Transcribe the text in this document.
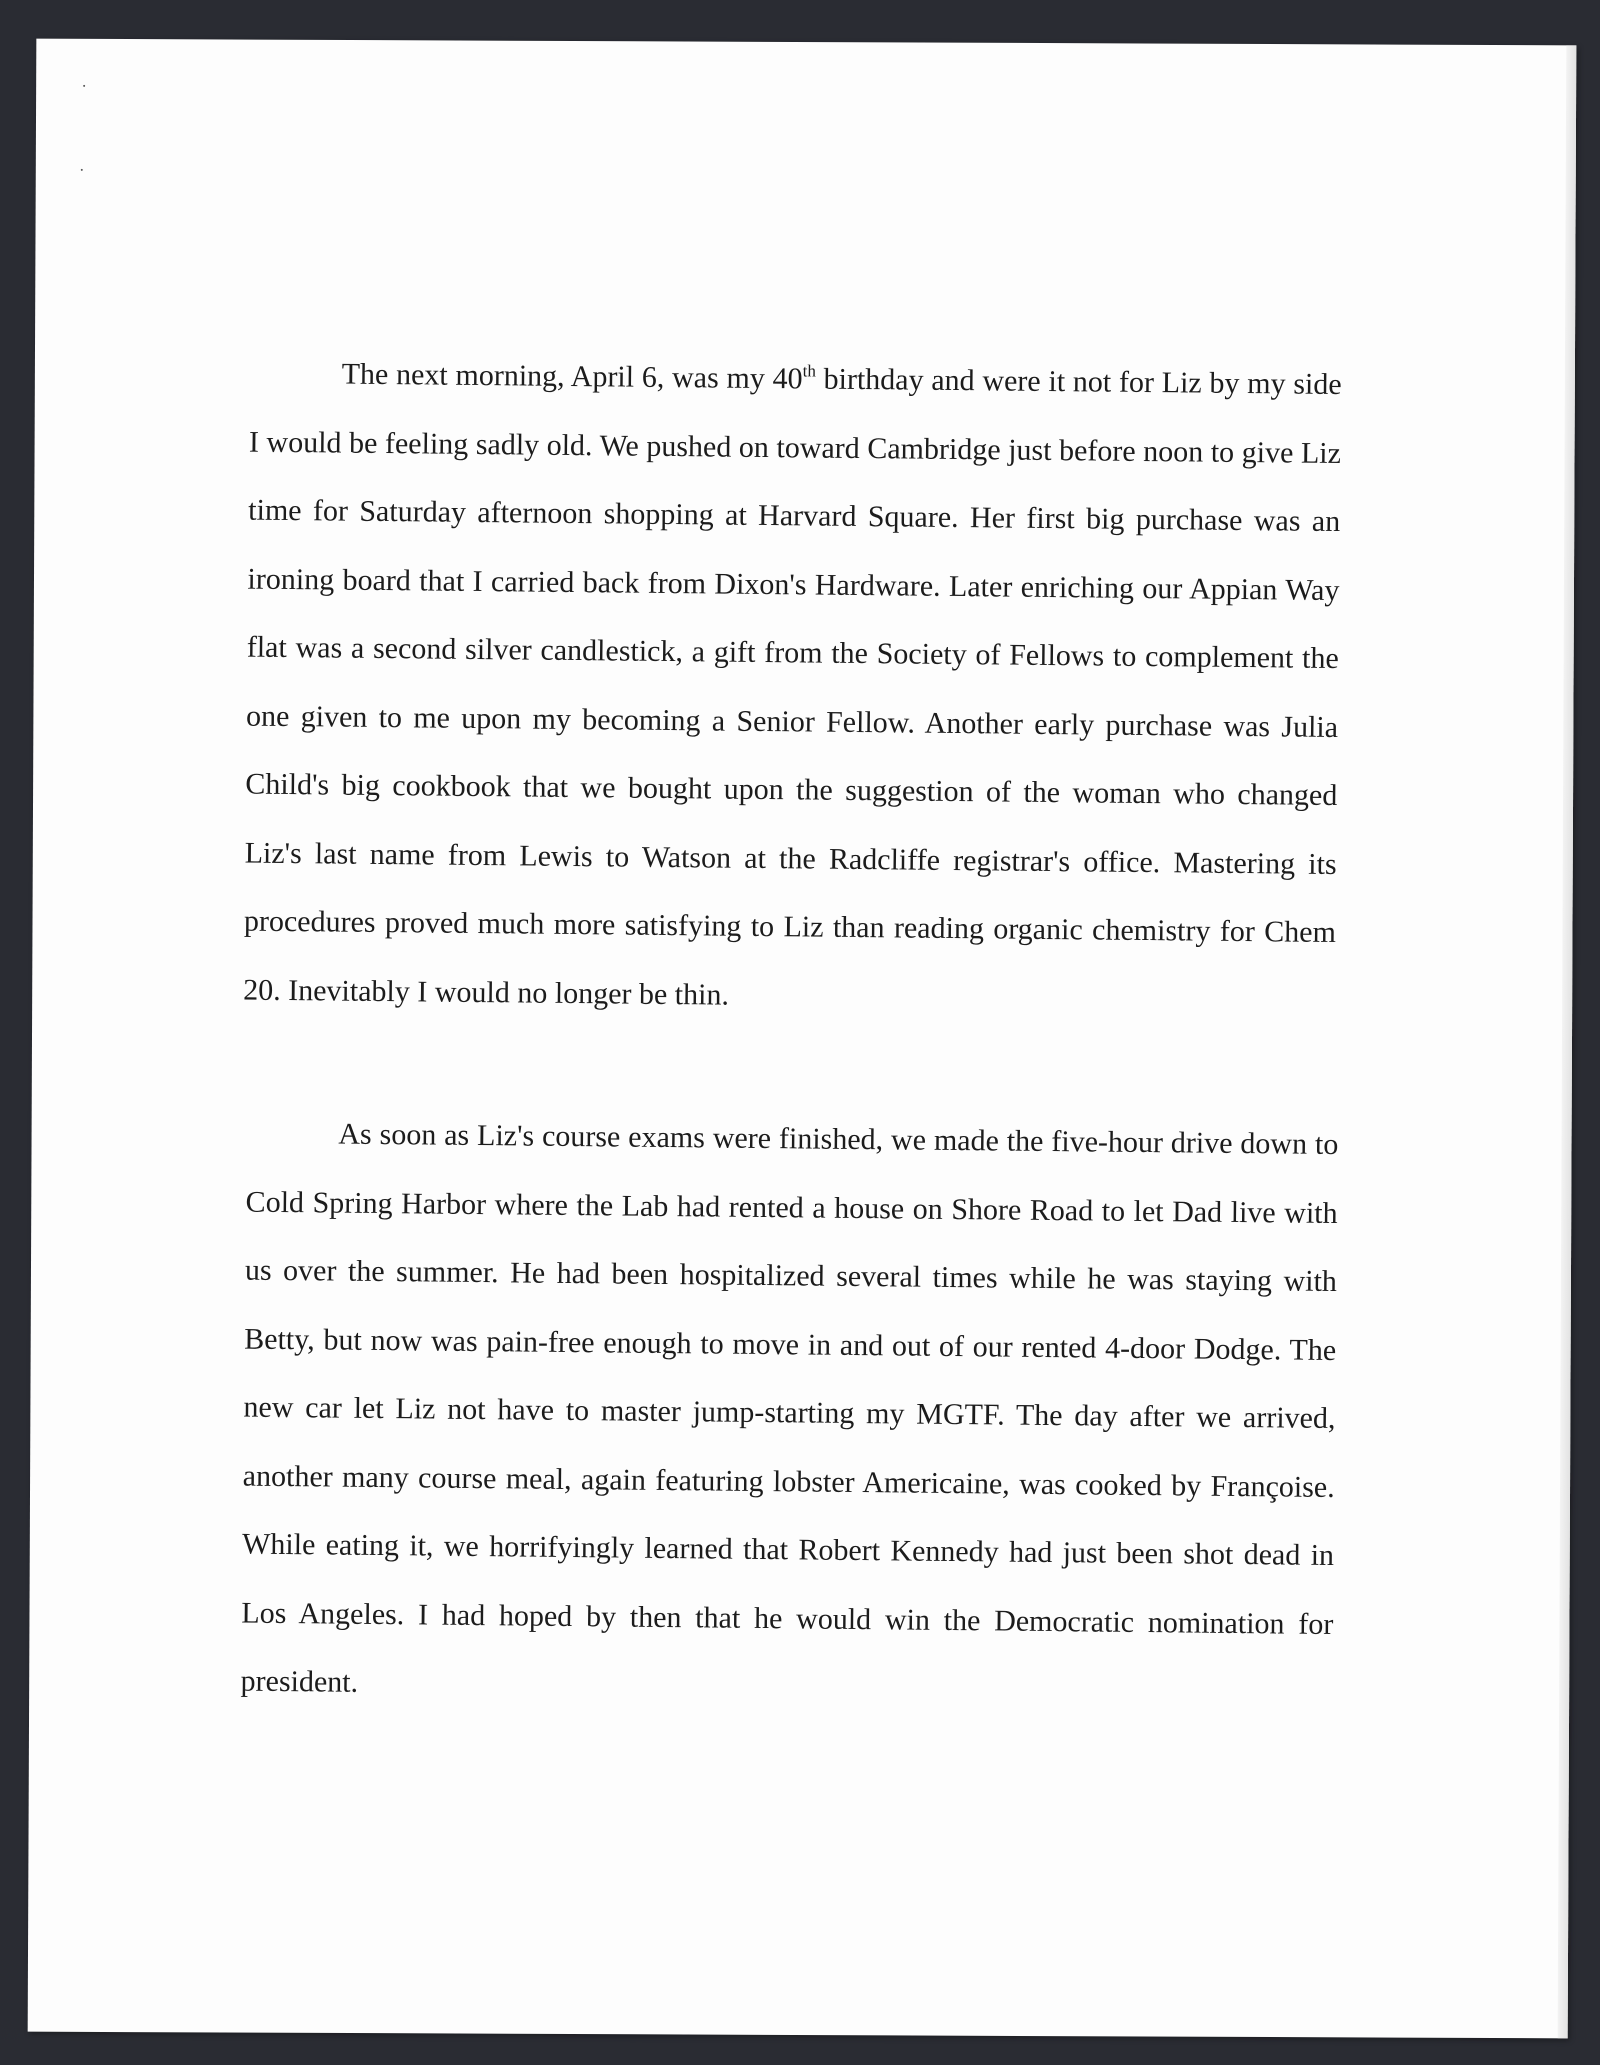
The next morning, April 6, was my 40th birthday and were it not for Liz by my side I would be feeling sadly old. We pushed on toward Cambridge just before noon to give Liz time for Saturday afternoon shopping at Harvard Square. Her first big purchase was an ironing board that I carried back from Dixon's Hardware. Later enriching our Appian Way flat was a second silver candlestick, a gift from the Society of Fellows to complement the one given to me upon my becoming a Senior Fellow. Another early purchase was Julia Child's big cookbook that we bought upon the suggestion of the woman who changed Liz's last name from Lewis to Watson at the Radcliffe registrar's office. Mastering its procedures proved much more satisfying to Liz than reading organic chemistry for Chem 20. Inevitably I would no longer be thin.

As soon as Liz's course exams were finished, we made the five-hour drive down to Cold Spring Harbor where the Lab had rented a house on Shore Road to let Dad live with us over the summer. He had been hospitalized several times while he was staying with Betty, but now was pain-free enough to move in and out of our rented 4-door Dodge. The new car let Liz not have to master jump-starting my MGTF. The day after we arrived, another many course meal, again featuring lobster Americaine, was cooked by Françoise. While eating it, we horrifyingly learned that Robert Kennedy had just been shot dead in Los Angeles. I had hoped by then that he would win the Democratic nomination for president.
